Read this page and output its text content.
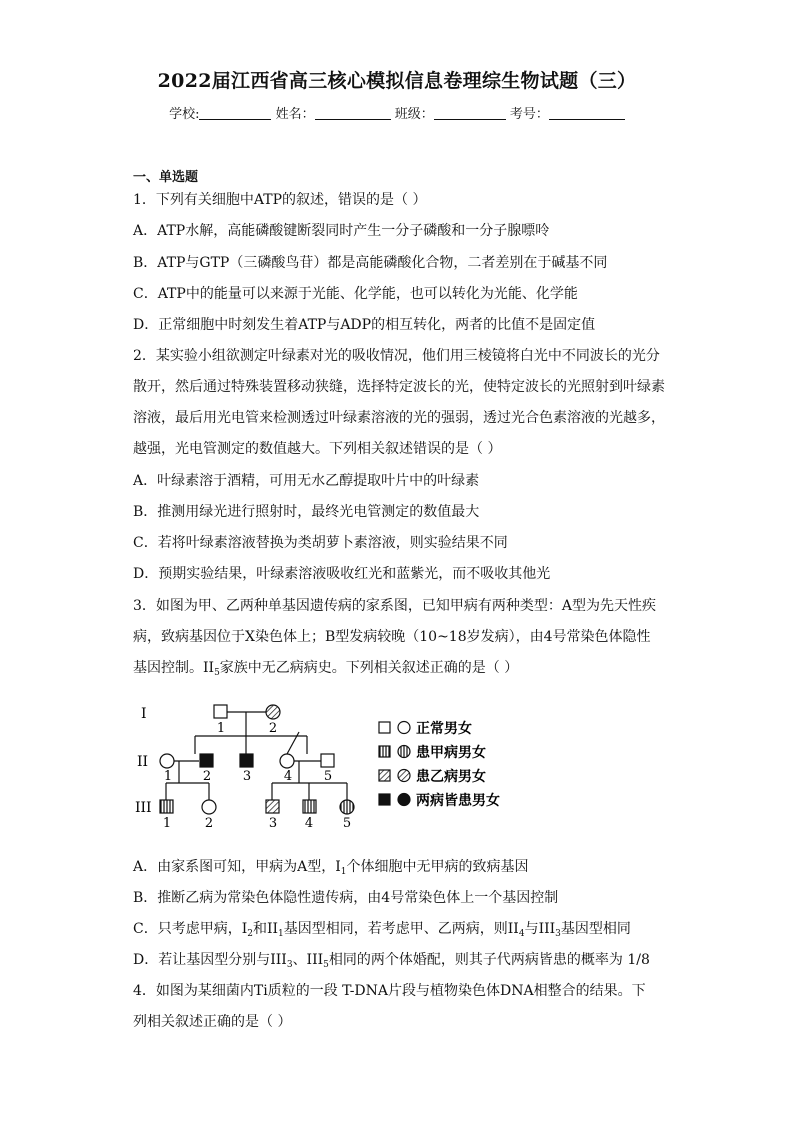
2022届江西省高三核心模拟信息卷理综生物试题（三）
学校:	姓名：	班级：	考号：
一、单选题
1．下列有关细胞中ATP的叙述，错误的是（ ）
A．ATP水解，高能磷酸键断裂同时产生一分子磷酸和一分子腺嘌呤
B．ATP与GTP（三磷酸鸟苷）都是高能磷酸化合物，二者差别在于碱基不同
C．ATP中的能量可以来源于光能、化学能，也可以转化为光能、化学能
D．正常细胞中时刻发生着ATP与ADP的相互转化，两者的比值不是固定值
2．某实验小组欲测定叶绿素对光的吸收情况，他们用三棱镜将白光中不同波长的光分
散开，然后通过特殊装置移动狭缝，选择特定波长的光，使特定波长的光照射到叶绿素
溶液，最后用光电管来检测透过叶绿素溶液的光的强弱，透过光合色素溶液的光越多，
越强，光电管测定的数值越大。下列相关叙述错误的是（ ）
A．叶绿素溶于酒精，可用无水乙醇提取叶片中的叶绿素
B．推测用绿光进行照射时，最终光电管测定的数值最大
C．若将叶绿素溶液替换为类胡萝卜素溶液，则实验结果不同
D．预期实验结果，叶绿素溶液吸收红光和蓝紫光，而不吸收其他光
3．如图为甲、乙两种单基因遗传病的家系图，已知甲病有两种类型：A型为先天性疾
病，致病基因位于X染色体上；B型发病较晚（10~18岁发病），由4号常染色体隐性
基因控制。$II_5$家族中无乙病病史。下列相关叙述正确的是（ ）
I
II
III
1	2
1 2 3	4 5
1	2	3 4 5
正常男女
患甲病男女
患乙病男女
两病皆患男女
A．由家系图可知，甲病为A型，$I_1$个体细胞中无甲病的致病基因
B．推断乙病为常染色体隐性遗传病，由4号常染色体上一个基因控制
C．只考虑甲病，$I_2$和$II_1$基因型相同，若考虑甲、乙两病，则$II_4$与$III_3$基因型相同
D．若让基因型分别与$III_3$、$III_5$相同的两个体婚配，则其子代两病皆患的概率为 1/8
4．如图为某细菌内Ti质粒的一段 T-DNA片段与植物染色体DNA相整合的结果。下
列相关叙述正确的是（ ）
